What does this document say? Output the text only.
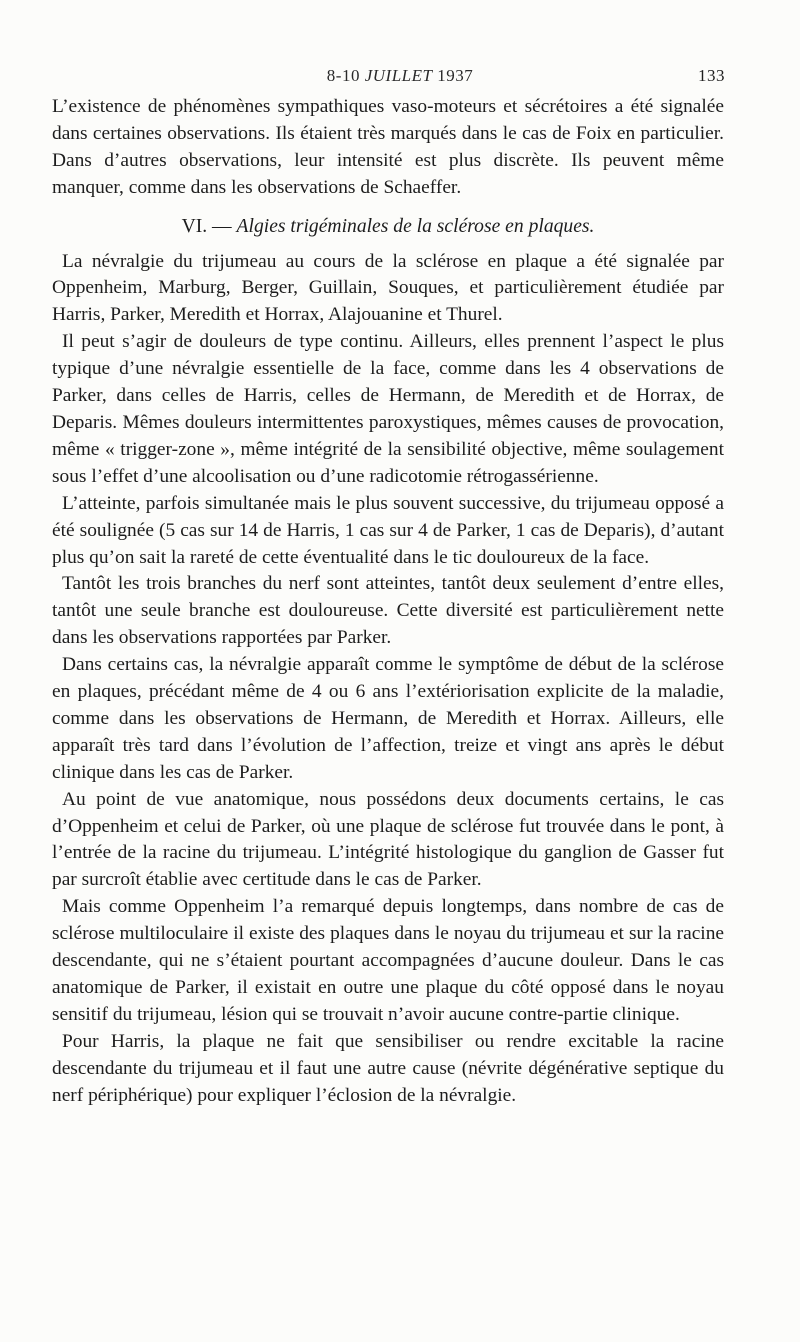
8-10 JUILLET 1937	133

L’existence de phénomènes sympathiques vaso-moteurs et sécrétoires a été signalée dans certaines observations. Ils étaient très marqués dans le cas de Foix en particulier. Dans d’autres observations, leur intensité est plus discrète. Ils peuvent même manquer, comme dans les observations de Schaeffer.

VI. — Algies trigéminales de la sclérose en plaques.

La névralgie du trijumeau au cours de la sclérose en plaque a été signalée par Oppenheim, Marburg, Berger, Guillain, Souques, et particulièrement étudiée par Harris, Parker, Meredith et Horrax, Alajouanine et Thurel.

Il peut s’agir de douleurs de type continu. Ailleurs, elles prennent l’aspect le plus typique d’une névralgie essentielle de la face, comme dans les 4 observations de Parker, dans celles de Harris, celles de Hermann, de Meredith et de Horrax, de Deparis. Mêmes douleurs intermittentes paroxystiques, mêmes causes de provocation, même « trigger-zone », même intégrité de la sensibilité objective, même soulagement sous l’effet d’une alcoolisation ou d’une radicotomie rétrogassérienne.

L’atteinte, parfois simultanée mais le plus souvent successive, du trijumeau opposé a été soulignée (5 cas sur 14 de Harris, 1 cas sur 4 de Parker, 1 cas de Deparis), d’autant plus qu’on sait la rareté de cette éventualité dans le tic douloureux de la face.

Tantôt les trois branches du nerf sont atteintes, tantôt deux seulement d’entre elles, tantôt une seule branche est douloureuse. Cette diversité est particulièrement nette dans les observations rapportées par Parker.

Dans certains cas, la névralgie apparaît comme le symptôme de début de la sclérose en plaques, précédant même de 4 ou 6 ans l’extériorisation explicite de la maladie, comme dans les observations de Hermann, de Meredith et Horrax. Ailleurs, elle apparaît très tard dans l’évolution de l’affection, treize et vingt ans après le début clinique dans les cas de Parker.

Au point de vue anatomique, nous possédons deux documents certains, le cas d’Oppenheim et celui de Parker, où une plaque de sclérose fut trouvée dans le pont, à l’entrée de la racine du trijumeau. L’intégrité histologique du ganglion de Gasser fut par surcroît établie avec certitude dans le cas de Parker.

Mais comme Oppenheim l’a remarqué depuis longtemps, dans nombre de cas de sclérose multiloculaire il existe des plaques dans le noyau du trijumeau et sur la racine descendante, qui ne s’étaient pourtant accompagnées d’aucune douleur. Dans le cas anatomique de Parker, il existait en outre une plaque du côté opposé dans le noyau sensitif du trijumeau, lésion qui se trouvait n’avoir aucune contre-partie clinique.

Pour Harris, la plaque ne fait que sensibiliser ou rendre excitable la racine descendante du trijumeau et il faut une autre cause (névrite dégénérative septique du nerf périphérique) pour expliquer l’éclosion de la névralgie.
